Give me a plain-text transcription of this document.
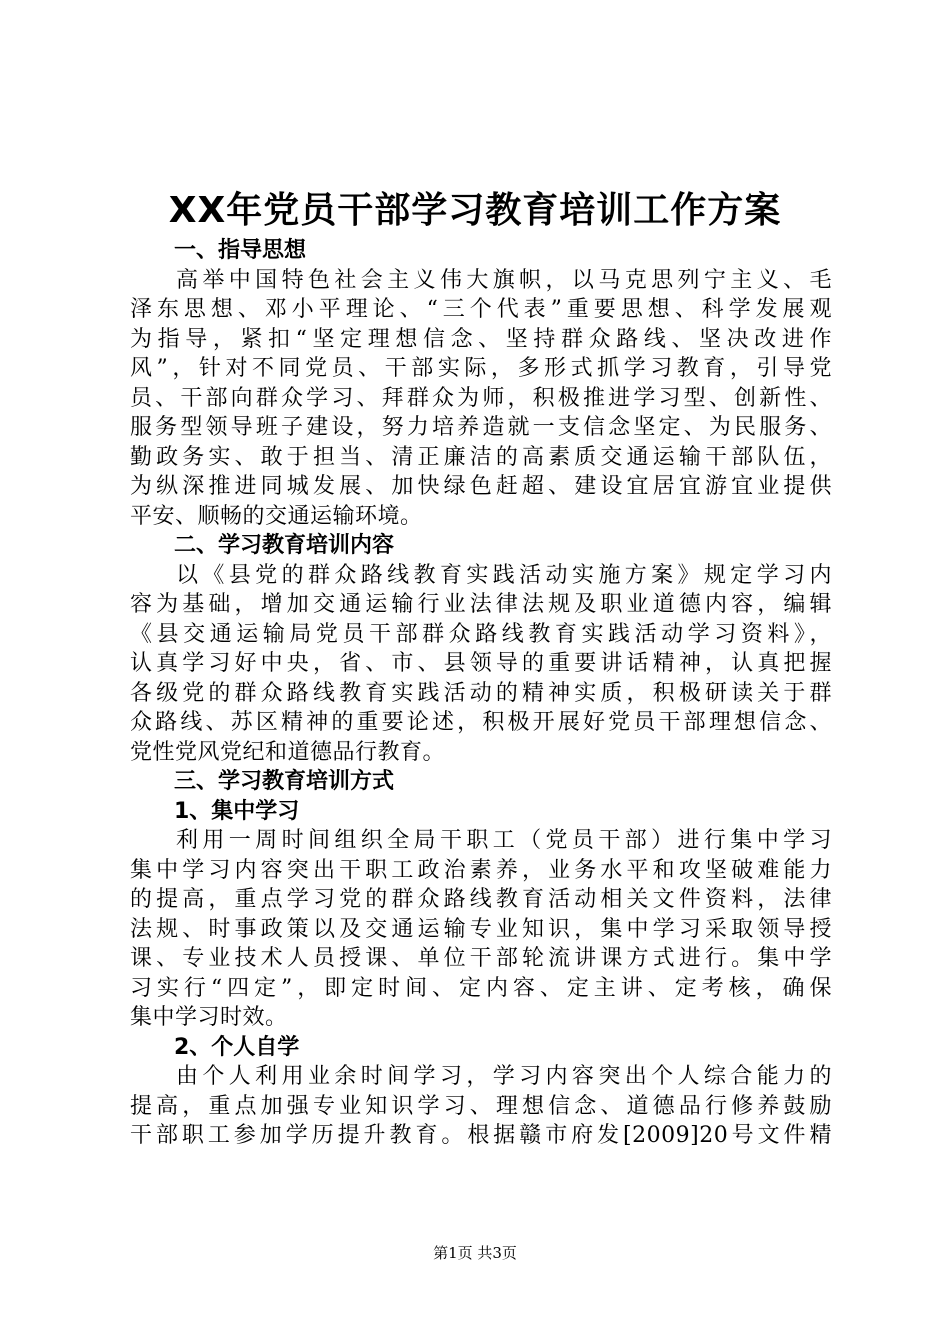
XX年党员干部学习教育培训工作方案
一、指导思想
高举中国特色社会主义伟大旗帜，以马克思列宁主义、毛
泽东思想、邓小平理论、“三个代表”重要思想、科学发展观
为指导，紧扣“坚定理想信念、坚持群众路线、坚决改进作
风”，针对不同党员、干部实际，多形式抓学习教育，引导党
员、干部向群众学习、拜群众为师，积极推进学习型、创新性、
服务型领导班子建设，努力培养造就一支信念坚定、为民服务、
勤政务实、敢于担当、清正廉洁的高素质交通运输干部队伍，
为纵深推进同城发展、加快绿色赶超、建设宜居宜游宜业提供
平安、顺畅的交通运输环境。
二、学习教育培训内容
以《县党的群众路线教育实践活动实施方案》规定学习内
容为基础，增加交通运输行业法律法规及职业道德内容，编辑
《县交通运输局党员干部群众路线教育实践活动学习资料》，
认真学习好中央，省、市、县领导的重要讲话精神，认真把握
各级党的群众路线教育实践活动的精神实质，积极研读关于群
众路线、苏区精神的重要论述，积极开展好党员干部理想信念、
党性党风党纪和道德品行教育。
三、学习教育培训方式
1、集中学习
利用一周时间组织全局干职工（党员干部）进行集中学习
集中学习内容突出干职工政治素养，业务水平和攻坚破难能力
的提高，重点学习党的群众路线教育活动相关文件资料，法律
法规、时事政策以及交通运输专业知识，集中学习采取领导授
课、专业技术人员授课、单位干部轮流讲课方式进行。集中学
习实行“四定”，即定时间、定内容、定主讲、定考核，确保
集中学习时效。
2、个人自学
由个人利用业余时间学习，学习内容突出个人综合能力的
提高，重点加强专业知识学习、理想信念、道德品行修养鼓励
干部职工参加学历提升教育。根据赣市府发[2009]20号文件精
第1页 共3页
